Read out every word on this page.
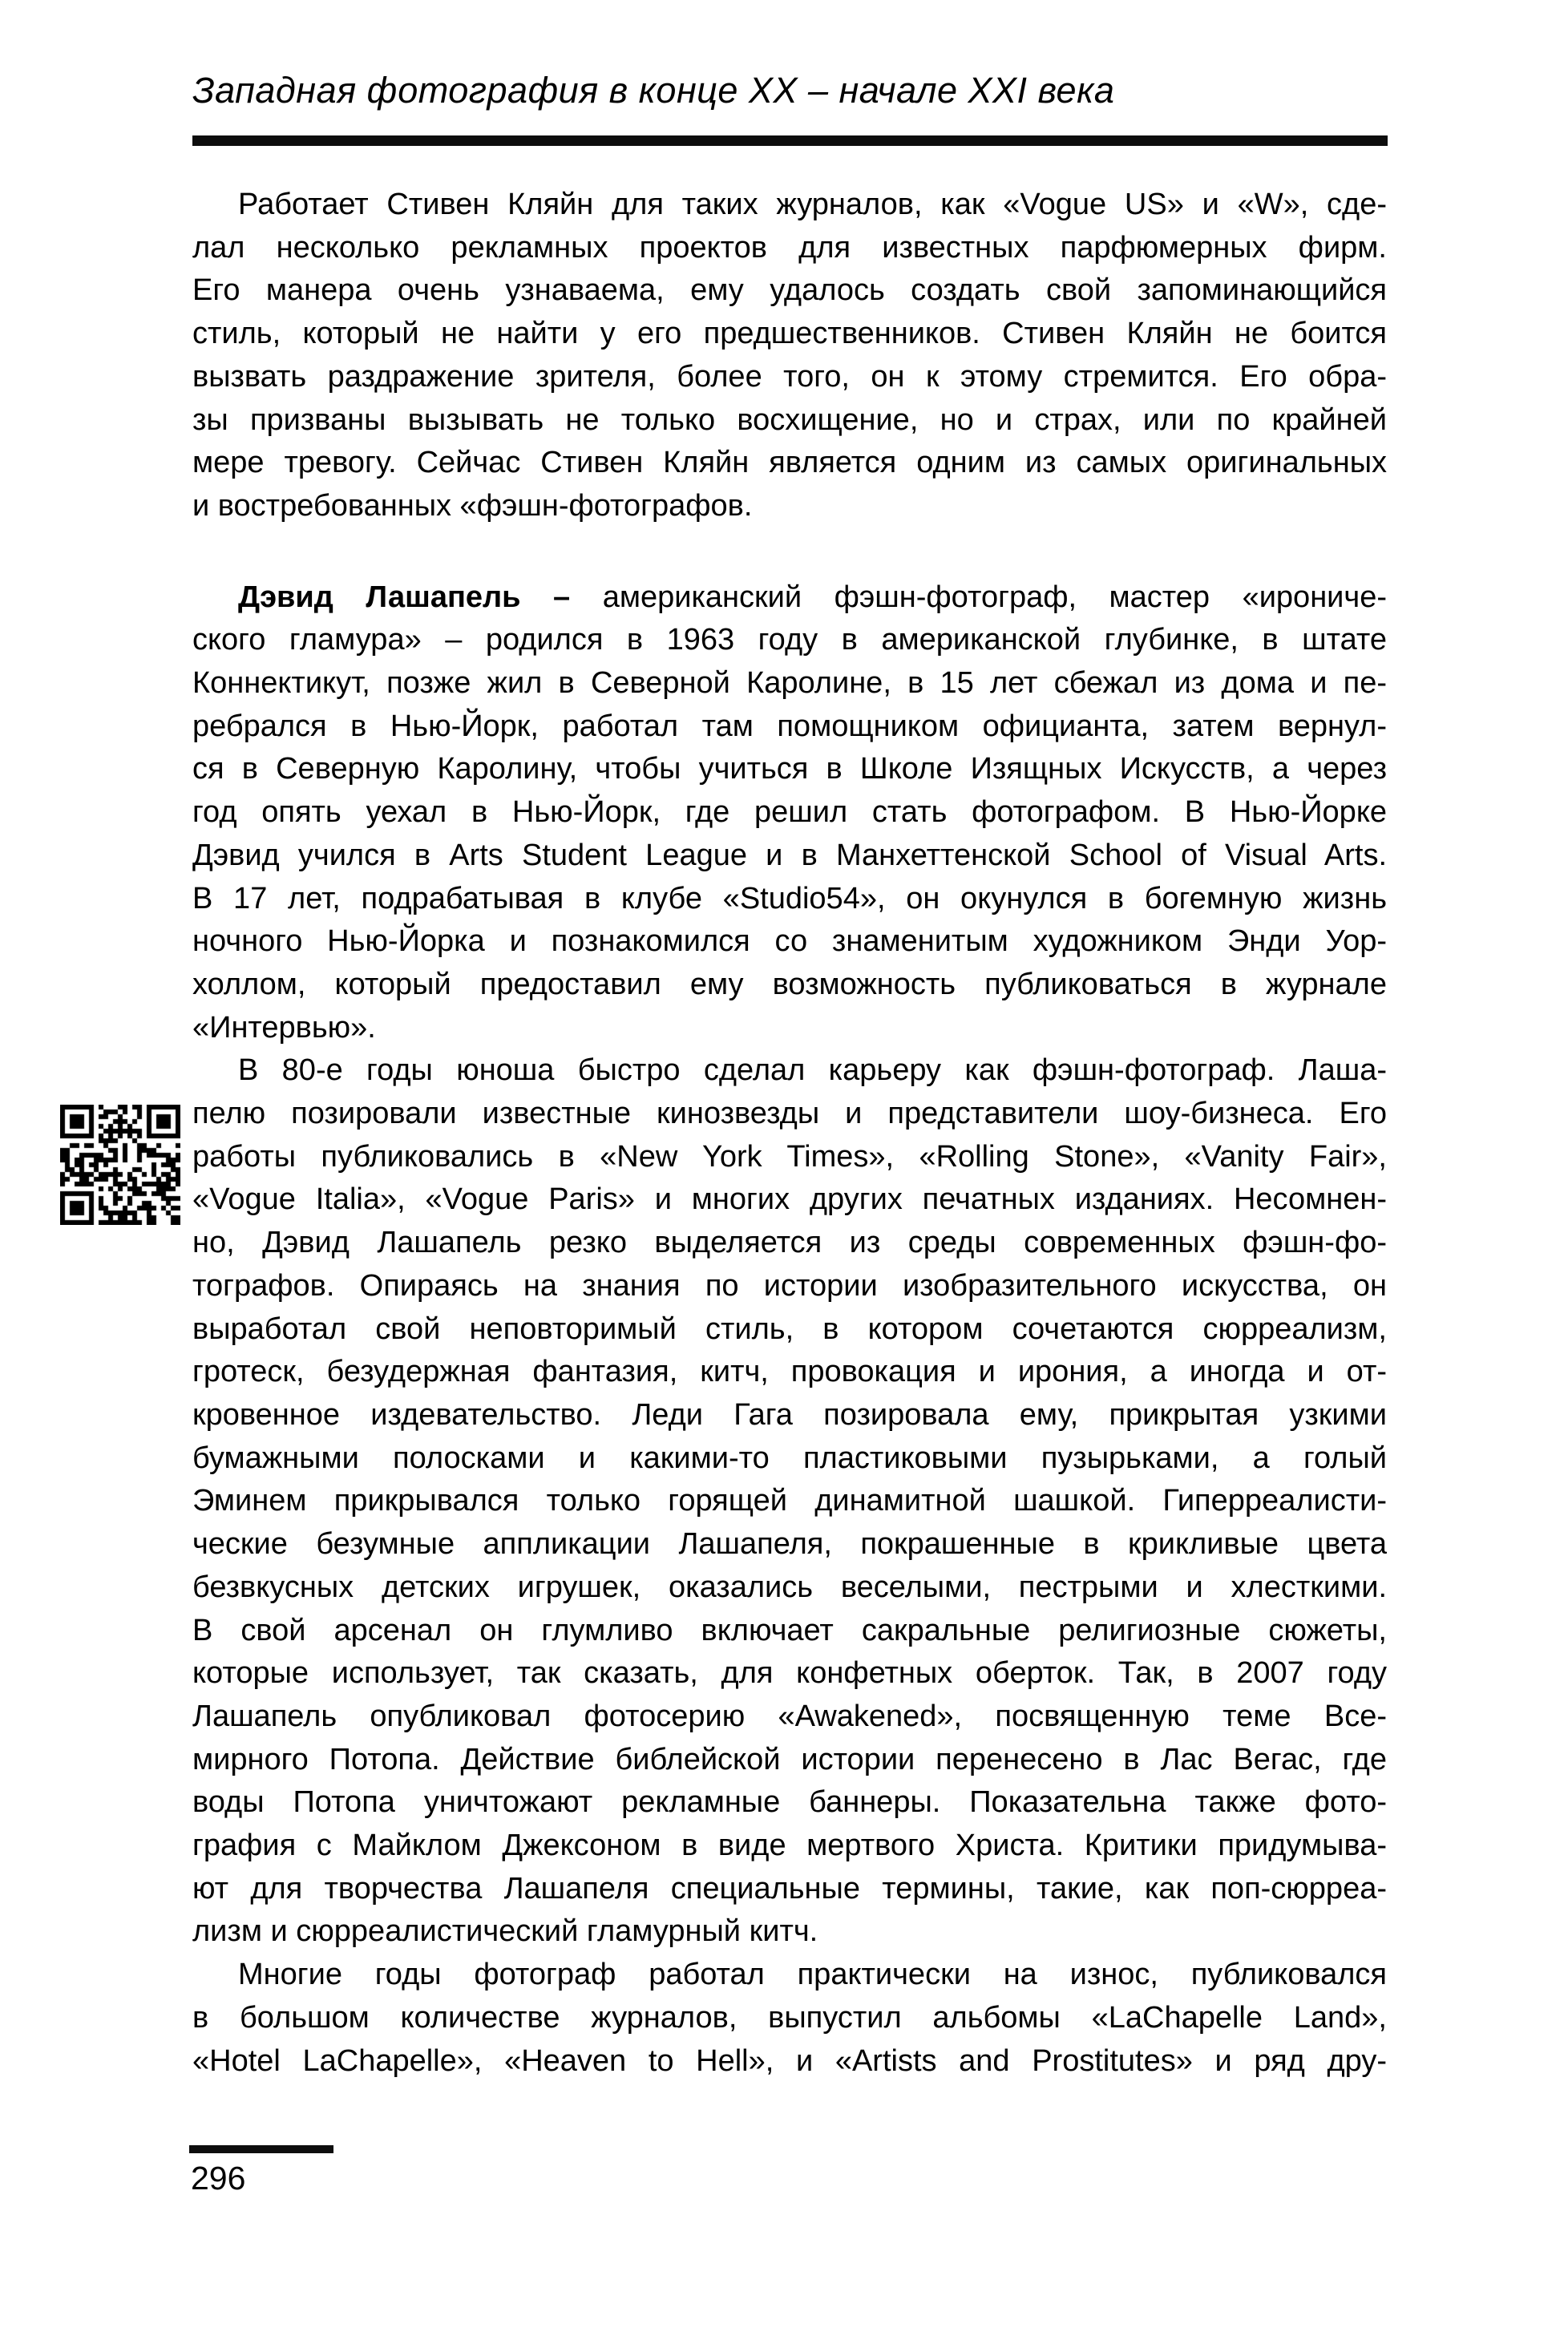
Западная фотография в конце XX – начале XXI века
Работает Стивен Кляйн для таких журналов, как «Vogue US» и «W», сде-
лал несколько рекламных проектов для известных парфюмерных фирм.
Его манера очень узнаваема, ему удалось создать свой запоминающийся
стиль, который не найти у его предшественников. Стивен Кляйн не боится
вызвать раздражение зрителя, более того, он к этому стремится. Его обра-
зы призваны вызывать не только восхищение, но и страх, или по крайней
мере тревогу. Сейчас Стивен Кляйн является одним из самых оригинальных
и востребованных «фэшн-фотографов.
Дэвид Лашапель – американский фэшн-фотограф, мастер «ирониче-
ского гламура» – родился в 1963 году в американской глубинке, в штате
Коннектикут, позже жил в Северной Каролине, в 15 лет сбежал из дома и пе-
ребрался в Нью-Йорк, работал там помощником официанта, затем вернул-
ся в Северную Каролину, чтобы учиться в Школе Изящных Искусств, а через
год опять уехал в Нью-Йорк, где решил стать фотографом. В Нью-Йорке
Дэвид учился в Arts Student League и в Манхеттенской School of Visual Arts.
В 17 лет, подрабатывая в клубе «Studio54», он окунулся в богемную жизнь
ночного Нью-Йорка и познакомился со знаменитым художником Энди Уор-
холлом, который предоставил ему возможность публиковаться в журнале
«Интервью».
В 80-е годы юноша быстро сделал карьеру как фэшн-фотограф. Лаша-
пелю позировали известные кинозвезды и представители шоу-бизнеса. Его
работы публиковались в «New York Times», «Rolling Stone», «Vanity Fair»,
«Vogue Italia», «Vogue Paris» и многих других печатных изданиях. Несомнен-
но, Дэвид Лашапель резко выделяется из среды современных фэшн-фо-
тографов. Опираясь на знания по истории изобразительного искусства, он
выработал свой неповторимый стиль, в котором сочетаются сюрреализм,
гротеск, безудержная фантазия, китч, провокация и ирония, а иногда и от-
кровенное издевательство. Леди Гага позировала ему, прикрытая узкими
бумажными полосками и какими-то пластиковыми пузырьками, а голый
Эминем прикрывался только горящей динамитной шашкой. Гиперреалисти-
ческие безумные аппликации Лашапеля, покрашенные в крикливые цвета
безвкусных детских игрушек, оказались веселыми, пестрыми и хлесткими.
В свой арсенал он глумливо включает сакральные религиозные сюжеты,
которые использует, так сказать, для конфетных оберток. Так, в 2007 году
Лашапель опубликовал фотосерию «Awakened», посвященную теме Все-
мирного Потопа. Действие библейской истории перенесено в Лас Вегас, где
воды Потопа уничтожают рекламные баннеры. Показательна также фото-
графия с Майклом Джексоном в виде мертвого Христа. Критики придумыва-
ют для творчества Лашапеля специальные термины, такие, как поп-сюрреа-
лизм и сюрреалистический гламурный китч.
Многие годы фотограф работал практически на износ, публиковался
в большом количестве журналов, выпустил альбомы «LaChapelle Land»,
«Hotel LaChapelle», «Heaven to Hell», и «Artists and Prostitutes» и ряд дру-
296
